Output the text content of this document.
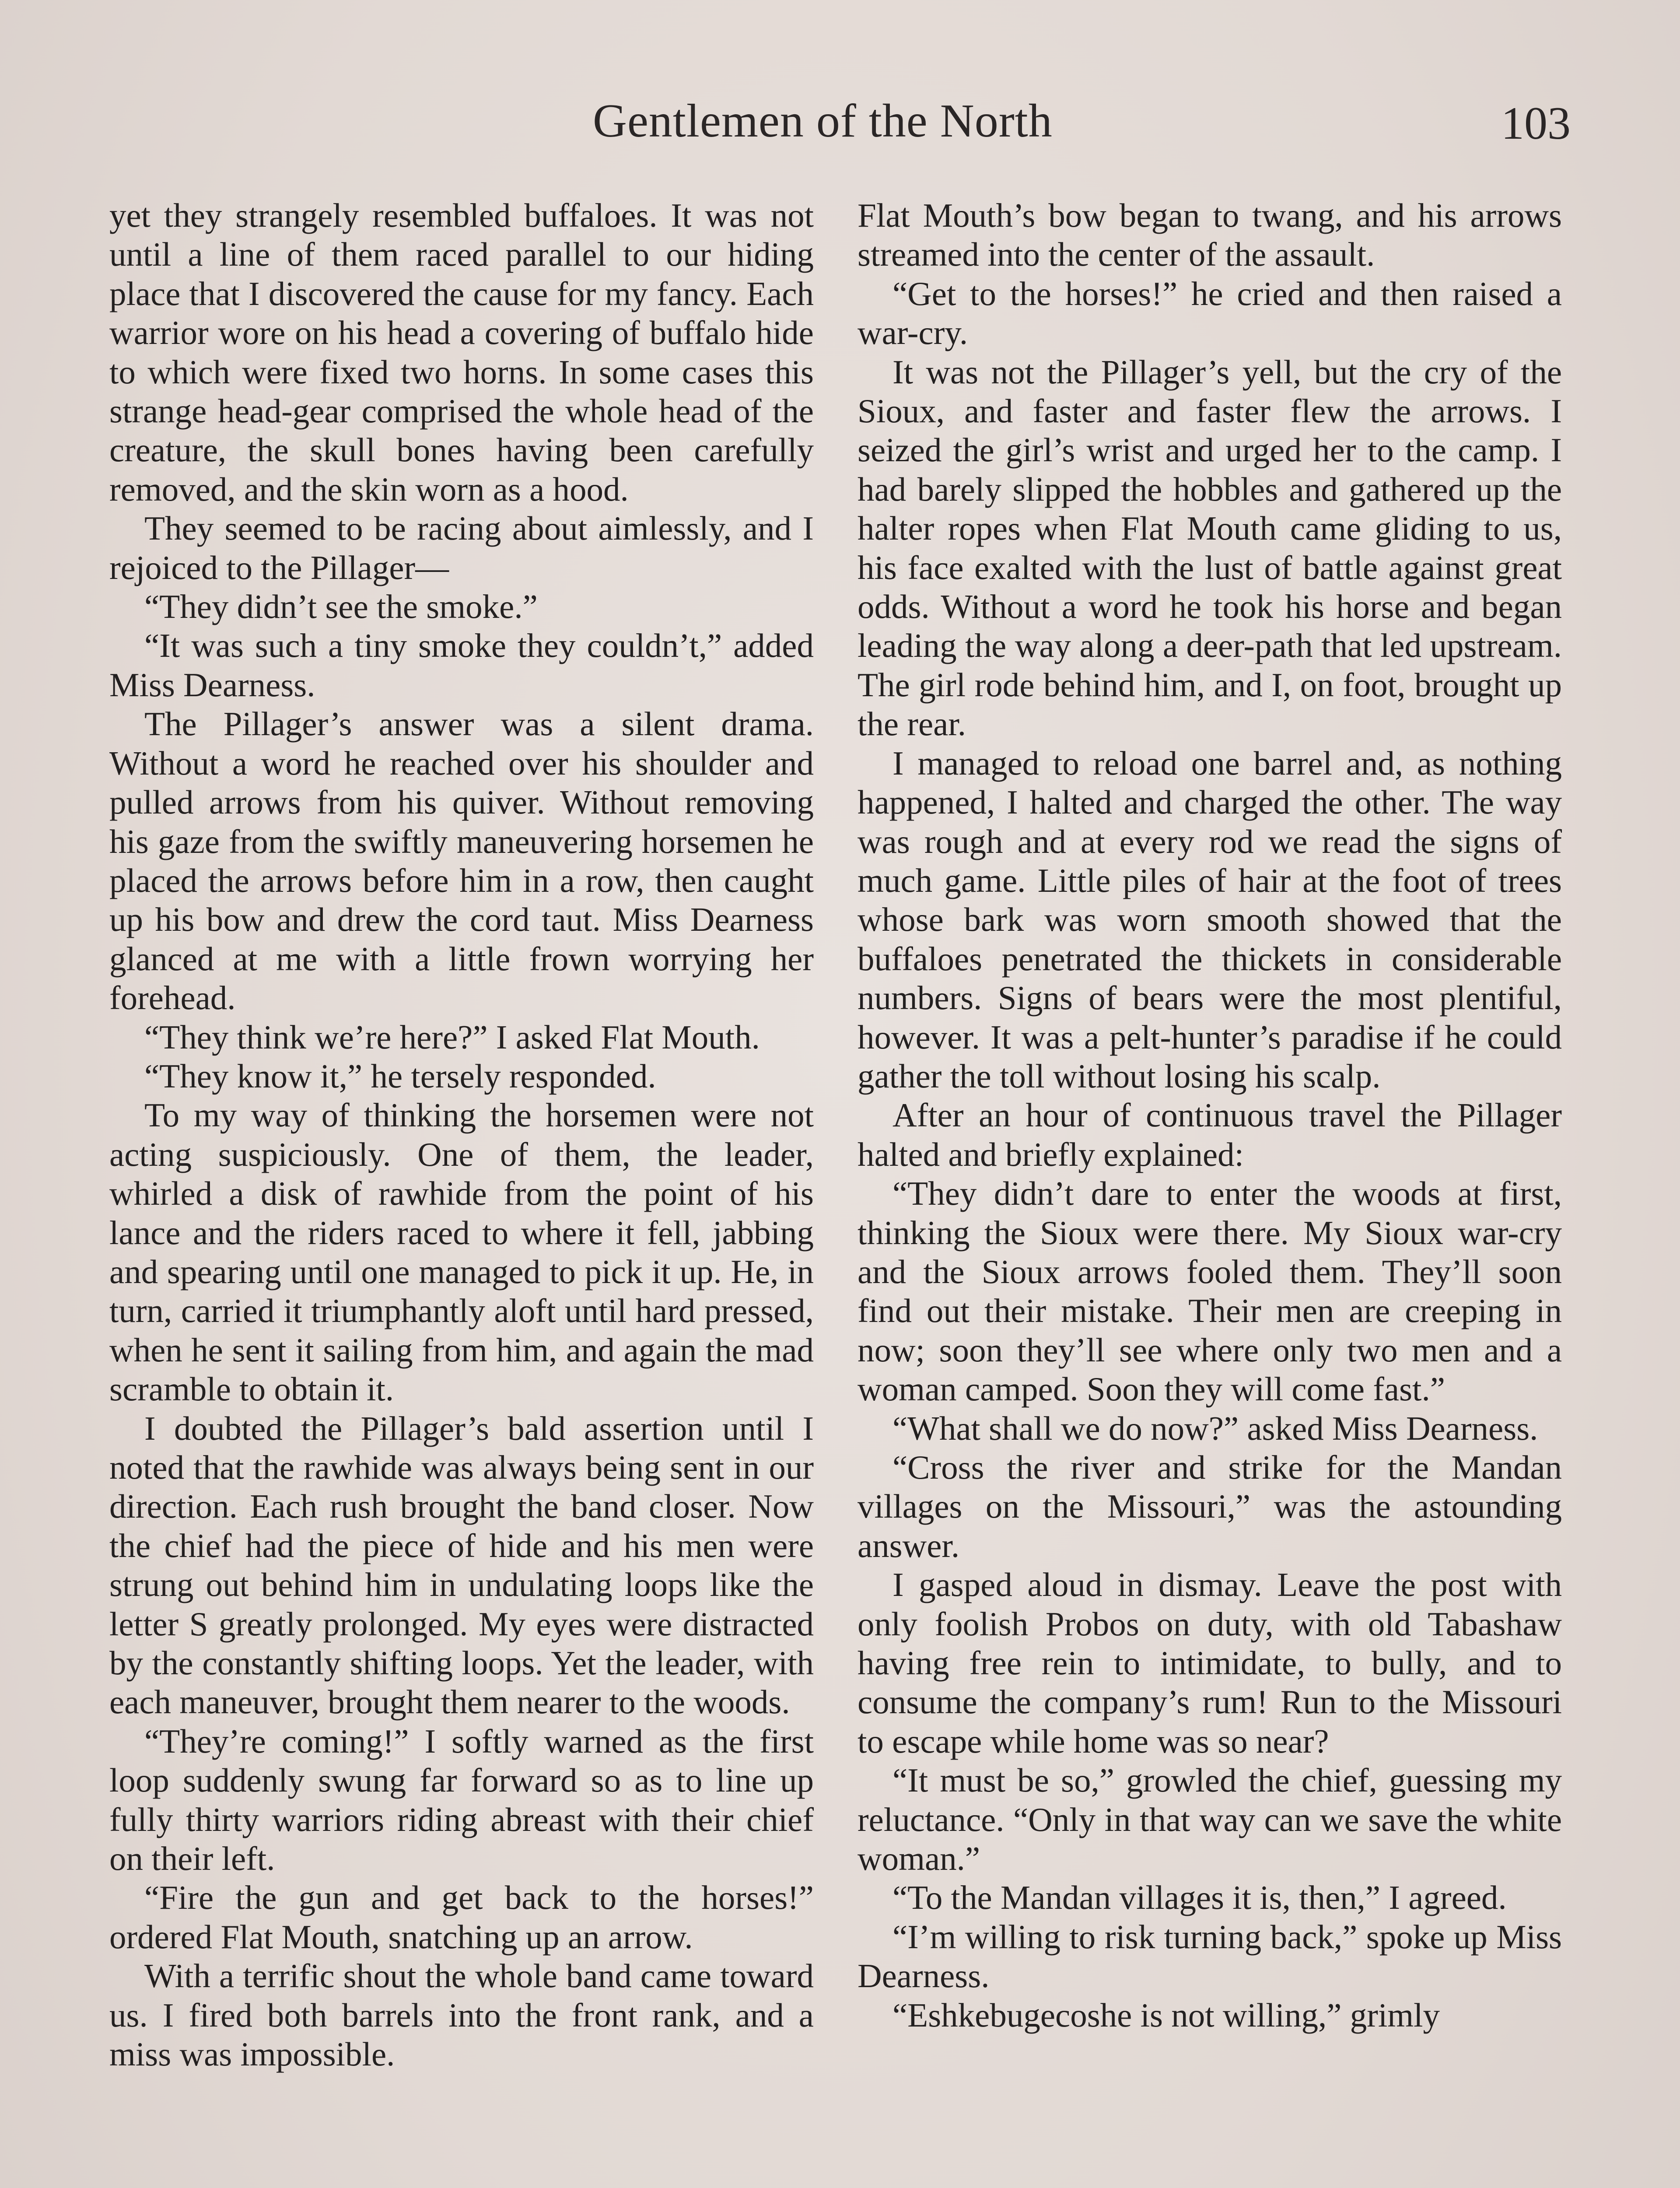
Gentlemen of the North	103

yet they strangely resembled buffaloes. It was not until a line of them raced parallel to our hiding place that I discovered the cause for my fancy. Each warrior wore on his head a covering of buffalo hide to which were fixed two horns. In some cases this strange head-gear comprised the whole head of the creature, the skull bones having been carefully removed, and the skin worn as a hood.

They seemed to be racing about aimlessly, and I rejoiced to the Pillager—

“They didn’t see the smoke.”

“It was such a tiny smoke they couldn’t,” added Miss Dearness.

The Pillager’s answer was a silent drama. Without a word he reached over his shoulder and pulled arrows from his quiver. Without removing his gaze from the swiftly maneuvering horsemen he placed the arrows before him in a row, then caught up his bow and drew the cord taut. Miss Dearness glanced at me with a little frown worrying her forehead.

“They think we’re here?” I asked Flat Mouth.

“They know it,” he tersely responded.

To my way of thinking the horsemen were not acting suspiciously. One of them, the leader, whirled a disk of rawhide from the point of his lance and the riders raced to where it fell, jabbing and spearing until one managed to pick it up. He, in turn, carried it triumphantly aloft until hard pressed, when he sent it sailing from him, and again the mad scramble to obtain it.

I doubted the Pillager’s bald assertion until I noted that the rawhide was always being sent in our direction. Each rush brought the band closer. Now the chief had the piece of hide and his men were strung out behind him in undulating loops like the letter S greatly prolonged. My eyes were distracted by the constantly shifting loops. Yet the leader, with each maneuver, brought them nearer to the woods.

“They’re coming!” I softly warned as the first loop suddenly swung far forward so as to line up fully thirty warriors riding abreast with their chief on their left.

“Fire the gun and get back to the horses!” ordered Flat Mouth, snatching up an arrow.

With a terrific shout the whole band came toward us. I fired both barrels into the front rank, and a miss was impossible.

Flat Mouth’s bow began to twang, and his arrows streamed into the center of the assault.

“Get to the horses!” he cried and then raised a war-cry.

It was not the Pillager’s yell, but the cry of the Sioux, and faster and faster flew the arrows. I seized the girl’s wrist and urged her to the camp. I had barely slipped the hobbles and gathered up the halter ropes when Flat Mouth came gliding to us, his face exalted with the lust of battle against great odds. Without a word he took his horse and began leading the way along a deer-path that led upstream. The girl rode behind him, and I, on foot, brought up the rear.

I managed to reload one barrel and, as nothing happened, I halted and charged the other. The way was rough and at every rod we read the signs of much game. Little piles of hair at the foot of trees whose bark was worn smooth showed that the buffaloes penetrated the thickets in considerable numbers. Signs of bears were the most plentiful, however. It was a pelt-hunter’s paradise if he could gather the toll without losing his scalp.

After an hour of continuous travel the Pillager halted and briefly explained:

“They didn’t dare to enter the woods at first, thinking the Sioux were there. My Sioux war-cry and the Sioux arrows fooled them. They’ll soon find out their mistake. Their men are creeping in now; soon they’ll see where only two men and a woman camped. Soon they will come fast.”

“What shall we do now?” asked Miss Dearness.

“Cross the river and strike for the Mandan villages on the Missouri,” was the astounding answer.

I gasped aloud in dismay. Leave the post with only foolish Probos on duty, with old Tabashaw having free rein to intimidate, to bully, and to consume the company’s rum! Run to the Missouri to escape while home was so near?

“It must be so,” growled the chief, guessing my reluctance. “Only in that way can we save the white woman.”

“To the Mandan villages it is, then,” I agreed.

“I’m willing to risk turning back,” spoke up Miss Dearness.

“Eshkebugecoshe is not willing,” grimly
